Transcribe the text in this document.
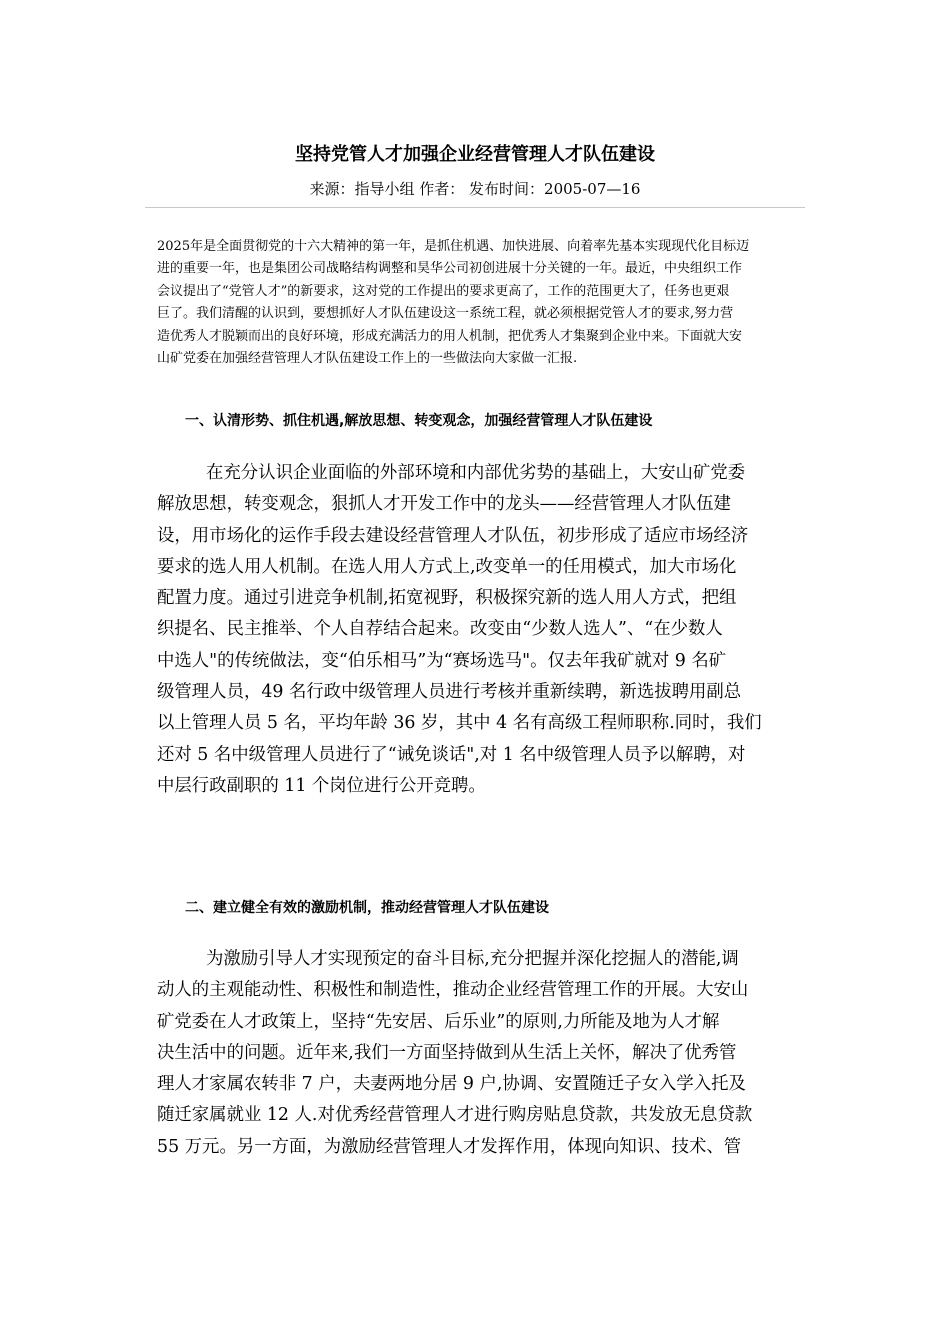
坚持党管人才加强企业经营管理人才队伍建设
来源：指导小组 作者： 发布时间：2005-07—16
2025年是全面贯彻党的十六大精神的第一年，是抓住机遇、加快进展、向着率先基本实现现代化目标迈
进的重要一年，也是集团公司战略结构调整和昊华公司初创进展十分关键的一年。最近，中央组织工作
会议提出了“党管人才”的新要求，这对党的工作提出的要求更高了，工作的范围更大了，任务也更艰
巨了。我们清醒的认识到，要想抓好人才队伍建设这一系统工程，就必须根据党管人才的要求,努力营
造优秀人才脱颖而出的良好环境，形成充满活力的用人机制，把优秀人才集聚到企业中来。下面就大安
山矿党委在加强经营管理人才队伍建设工作上的一些做法向大家做一汇报.
一、认清形势、抓住机遇,解放思想、转变观念，加强经营管理人才队伍建设
在充分认识企业面临的外部环境和内部优劣势的基础上，大安山矿党委
解放思想，转变观念，狠抓人才开发工作中的龙头——经营管理人才队伍建
设，用市场化的运作手段去建设经营管理人才队伍，初步形成了适应市场经济
要求的选人用人机制。在选人用人方式上,改变单一的任用模式，加大市场化
配置力度。通过引进竞争机制,拓宽视野，积极探究新的选人用人方式，把组
织提名、民主推举、个人自荐结合起来。改变由“少数人选人”、“在少数人
中选人"的传统做法，变“伯乐相马”为“赛场选马"。仅去年我矿就对 9 名矿
级管理人员，49 名行政中级管理人员进行考核并重新续聘，新选拔聘用副总
以上管理人员 5 名，平均年龄 36 岁，其中 4 名有高级工程师职称.同时，我们
还对 5 名中级管理人员进行了“诫免谈话",对 1 名中级管理人员予以解聘，对
中层行政副职的 11 个岗位进行公开竞聘。
二、建立健全有效的激励机制，推动经营管理人才队伍建设
为激励引导人才实现预定的奋斗目标,充分把握并深化挖掘人的潜能,调
动人的主观能动性、积极性和制造性，推动企业经营管理工作的开展。大安山
矿党委在人才政策上，坚持“先安居、后乐业”的原则,力所能及地为人才解
决生活中的问题。近年来,我们一方面坚持做到从生活上关怀，解决了优秀管
理人才家属农转非 7 户，夫妻两地分居 9 户,协调、安置随迁子女入学入托及
随迁家属就业 12 人.对优秀经营管理人才进行购房贴息贷款，共发放无息贷款
55 万元。另一方面，为激励经营管理人才发挥作用，体现向知识、技术、管
